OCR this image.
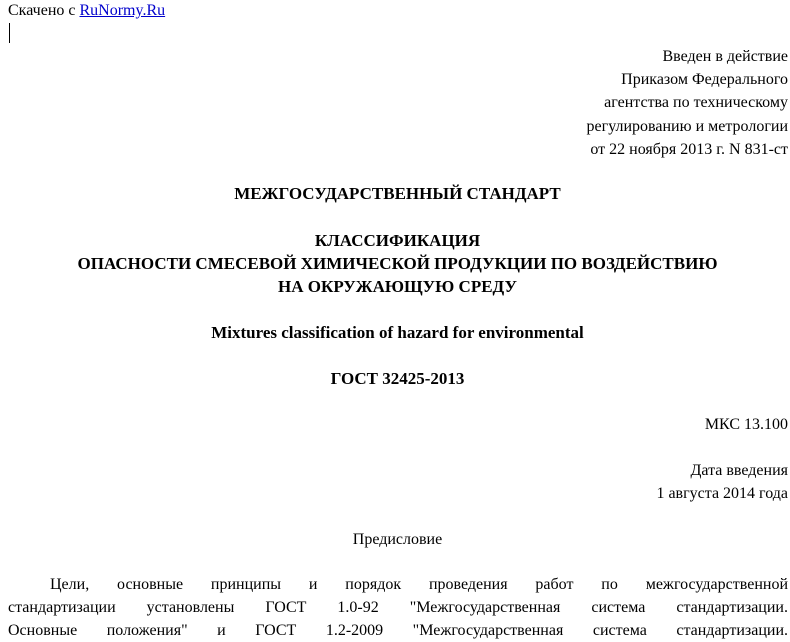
Скачено с RuNormy.Ru
Введен в действие
Приказом Федерального
агентства по техническому
регулированию и метрологии
от 22 ноября 2013 г. N 831-ст
МЕЖГОСУДАРСТВЕННЫЙ СТАНДАРТ
КЛАССИФИКАЦИЯ
ОПАСНОСТИ СМЕСЕВОЙ ХИМИЧЕСКОЙ ПРОДУКЦИИ ПО ВОЗДЕЙСТВИЮ
НА ОКРУЖАЮЩУЮ СРЕДУ
Mixtures classification of hazard for environmental
ГОСТ 32425-2013
МКС 13.100
Дата введения
1 августа 2014 года
Предисловие
Цели, основные принципы и порядок проведения работ по межгосударственной
стандартизации установлены ГОСТ 1.0-92 "Межгосударственная система стандартизации.
Основные положения" и ГОСТ 1.2-2009 "Межгосударственная система стандартизации.
